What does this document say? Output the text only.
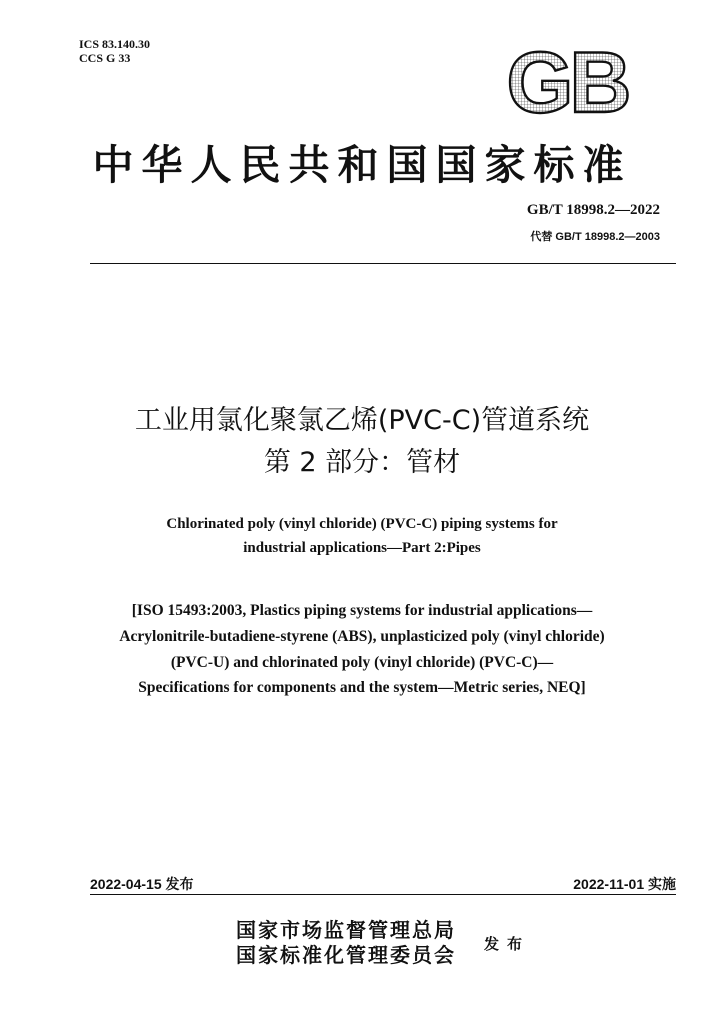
ICS 83.140.30
CCS G 33	GB
中华人民共和国国家标准
GB/T 18998.2—2022
代替 GB/T 18998.2—2003
工业用氯化聚氯乙烯(PVC-C)管道系统
第 2 部分：管材
Chlorinated poly (vinyl chloride) (PVC-C) piping systems for
industrial applications—Part 2:Pipes
[ISO 15493:2003, Plastics piping systems for industrial applications—
Acrylonitrile-butadiene-styrene (ABS), unplasticized poly (vinyl chloride)
(PVC-U) and chlorinated poly (vinyl chloride) (PVC-C)—
Specifications for components and the system—Metric series, NEQ]
2022-04-15 发布	2022-11-01 实施
国家市场监督管理总局
国家标准化管理委员会 发布
